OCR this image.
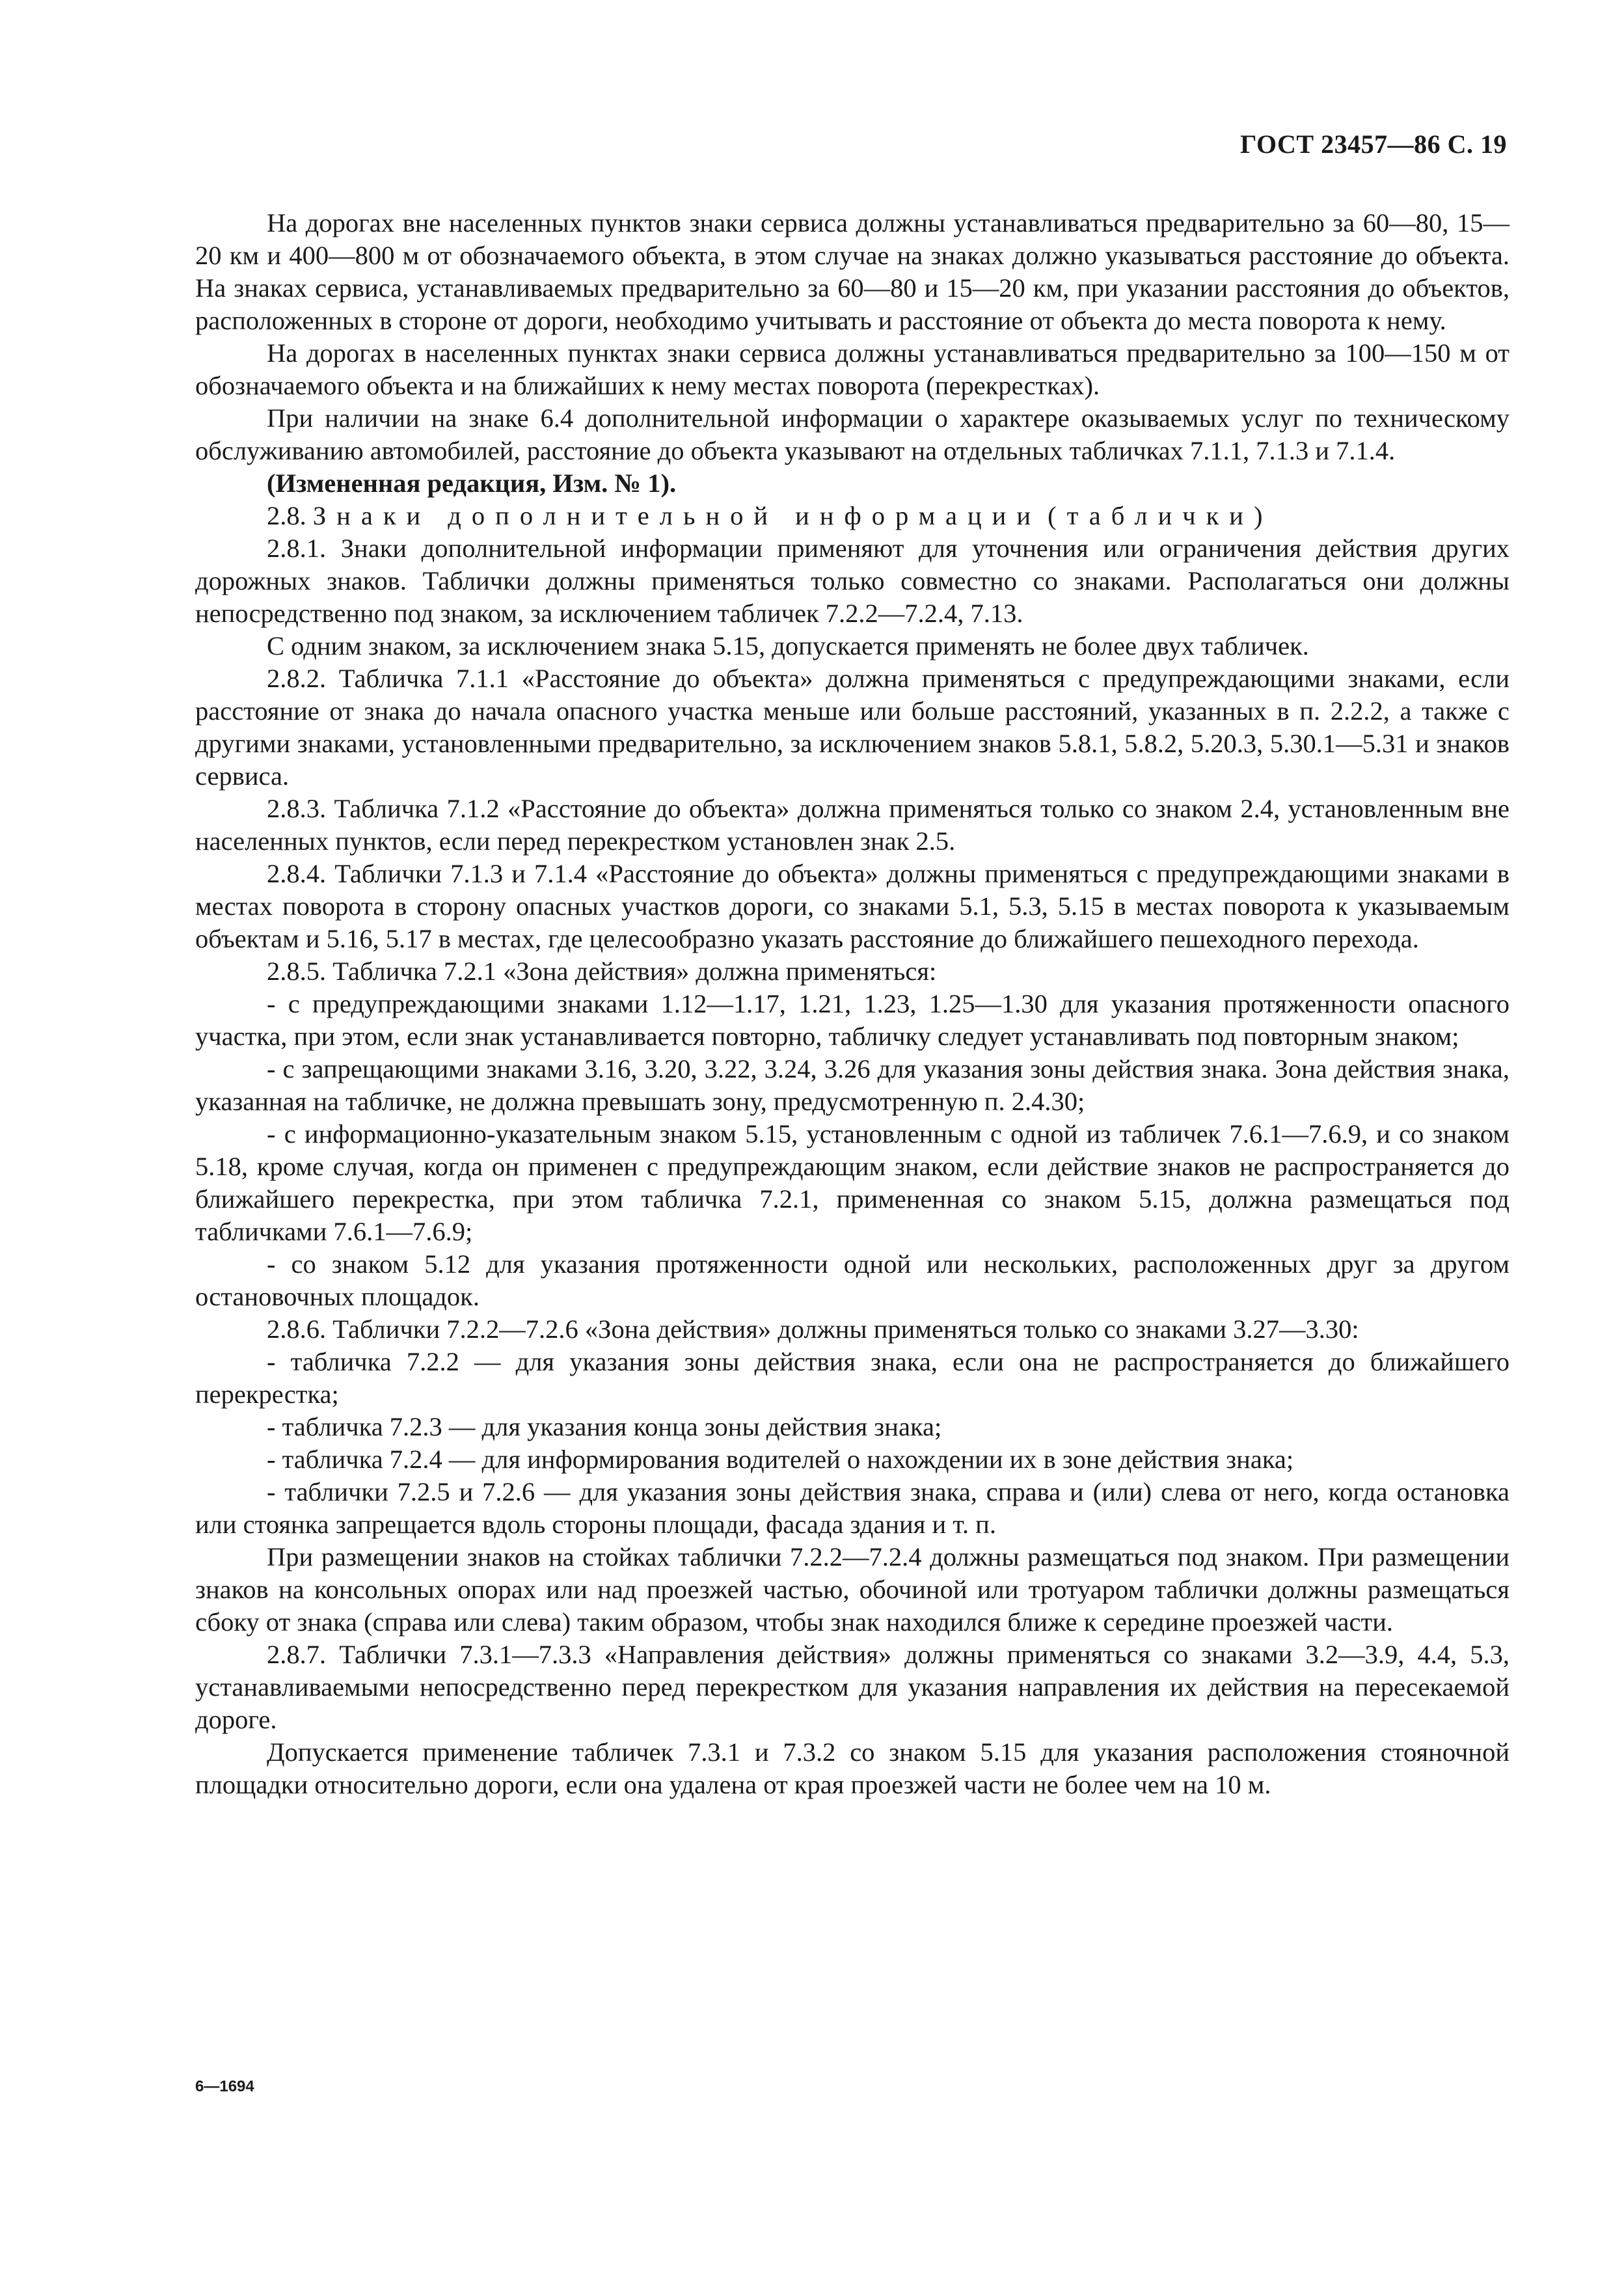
ГОСТ 23457—86 С. 19

На дорогах вне населенных пунктов знаки сервиса должны устанавливаться предварительно за 60—80, 15—20 км и 400—800 м от обозначаемого объекта, в этом случае на знаках должно указываться расстояние до объекта. На знаках сервиса, устанавливаемых предварительно за 60—80 и 15—20 км, при указании расстояния до объектов, расположенных в стороне от дороги, необходимо учитывать и расстояние от объекта до места поворота к нему.

На дорогах в населенных пунктах знаки сервиса должны устанавливаться предварительно за 100—150 м от обозначаемого объекта и на ближайших к нему местах поворота (перекрестках).

При наличии на знаке 6.4 дополнительной информации о характере оказываемых услуг по техническому обслуживанию автомобилей, расстояние до объекта указывают на отдельных табличках 7.1.1, 7.1.3 и 7.1.4.

(Измененная редакция, Изм. № 1).

2.8. Знаки дополнительной информации (таблички)

2.8.1. Знаки дополнительной информации применяют для уточнения или ограничения действия других дорожных знаков. Таблички должны применяться только совместно со знаками. Располагаться они должны непосредственно под знаком, за исключением табличек 7.2.2—7.2.4, 7.13.

С одним знаком, за исключением знака 5.15, допускается применять не более двух табличек.

2.8.2. Табличка 7.1.1 «Расстояние до объекта» должна применяться с предупреждающими знаками, если расстояние от знака до начала опасного участка меньше или больше расстояний, указанных в п. 2.2.2, а также с другими знаками, установленными предварительно, за исключением знаков 5.8.1, 5.8.2, 5.20.3, 5.30.1—5.31 и знаков сервиса.

2.8.3. Табличка 7.1.2 «Расстояние до объекта» должна применяться только со знаком 2.4, установленным вне населенных пунктов, если перед перекрестком установлен знак 2.5.

2.8.4. Таблички 7.1.3 и 7.1.4 «Расстояние до объекта» должны применяться с предупреждающими знаками в местах поворота в сторону опасных участков дороги, со знаками 5.1, 5.3, 5.15 в местах поворота к указываемым объектам и 5.16, 5.17 в местах, где целесообразно указать расстояние до ближайшего пешеходного перехода.

2.8.5. Табличка 7.2.1 «Зона действия» должна применяться:

- с предупреждающими знаками 1.12—1.17, 1.21, 1.23, 1.25—1.30 для указания протяженности опасного участка, при этом, если знак устанавливается повторно, табличку следует устанавливать под повторным знаком;

- с запрещающими знаками 3.16, 3.20, 3.22, 3.24, 3.26 для указания зоны действия знака. Зона действия знака, указанная на табличке, не должна превышать зону, предусмотренную п. 2.4.30;

- с информационно-указательным знаком 5.15, установленным с одной из табличек 7.6.1—7.6.9, и со знаком 5.18, кроме случая, когда он применен с предупреждающим знаком, если действие знаков не распространяется до ближайшего перекрестка, при этом табличка 7.2.1, примененная со знаком 5.15, должна размещаться под табличками 7.6.1—7.6.9;

- со знаком 5.12 для указания протяженности одной или нескольких, расположенных друг за другом остановочных площадок.

2.8.6. Таблички 7.2.2—7.2.6 «Зона действия» должны применяться только со знаками 3.27—3.30:

- табличка 7.2.2 — для указания зоны действия знака, если она не распространяется до ближайшего перекрестка;

- табличка 7.2.3 — для указания конца зоны действия знака;

- табличка 7.2.4 — для информирования водителей о нахождении их в зоне действия знака;

- таблички 7.2.5 и 7.2.6 — для указания зоны действия знака, справа и (или) слева от него, когда остановка или стоянка запрещается вдоль стороны площади, фасада здания и т. п.

При размещении знаков на стойках таблички 7.2.2—7.2.4 должны размещаться под знаком. При размещении знаков на консольных опорах или над проезжей частью, обочиной или тротуаром таблички должны размещаться сбоку от знака (справа или слева) таким образом, чтобы знак находился ближе к середине проезжей части.

2.8.7. Таблички 7.3.1—7.3.3 «Направления действия» должны применяться со знаками 3.2—3.9, 4.4, 5.3, устанавливаемыми непосредственно перед перекрестком для указания направления их действия на пересекаемой дороге.

Допускается применение табличек 7.3.1 и 7.3.2 со знаком 5.15 для указания расположения стояночной площадки относительно дороги, если она удалена от края проезжей части не более чем на 10 м.

6—1694
